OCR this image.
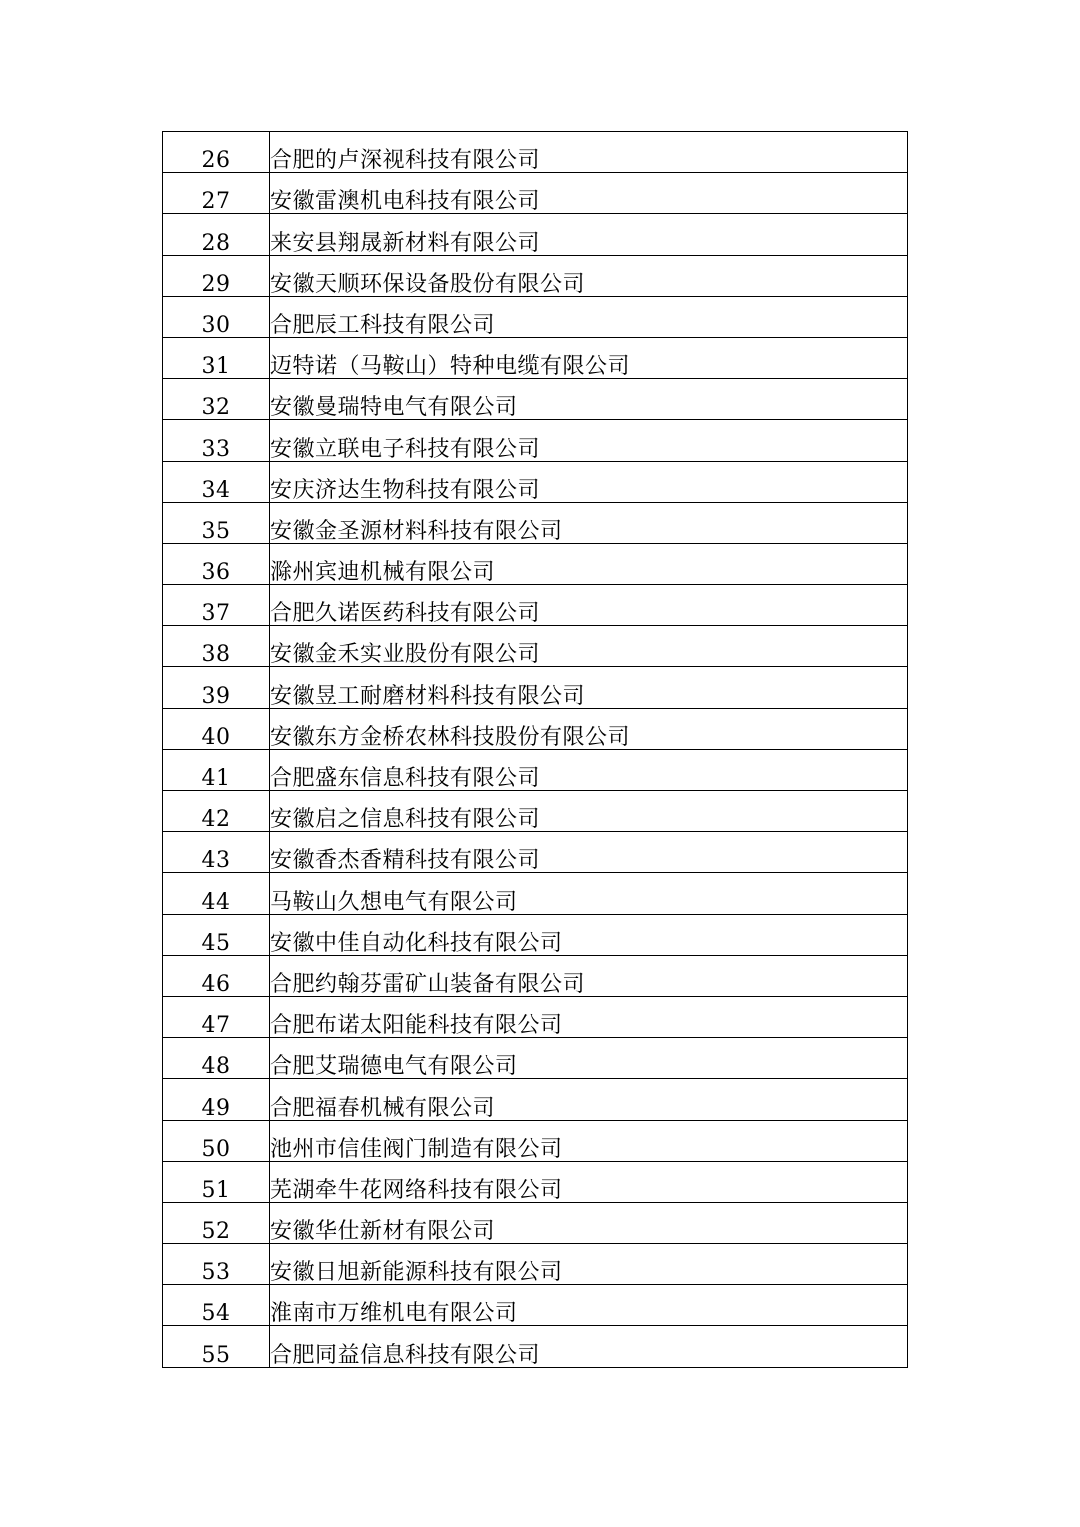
26	合肥的卢深视科技有限公司
27	安徽雷澳机电科技有限公司
28	来安县翔晟新材料有限公司
29	安徽天顺环保设备股份有限公司
30	合肥辰工科技有限公司
31	迈特诺（马鞍山）特种电缆有限公司
32	安徽曼瑞特电气有限公司
33	安徽立联电子科技有限公司
34	安庆济达生物科技有限公司
35	安徽金圣源材料科技有限公司
36	滁州宾迪机械有限公司
37	合肥久诺医药科技有限公司
38	安徽金禾实业股份有限公司
39	安徽昱工耐磨材料科技有限公司
40	安徽东方金桥农林科技股份有限公司
41	合肥盛东信息科技有限公司
42	安徽启之信息科技有限公司
43	安徽香杰香精科技有限公司
44	马鞍山久想电气有限公司
45	安徽中佳自动化科技有限公司
46	合肥约翰芬雷矿山装备有限公司
47	合肥布诺太阳能科技有限公司
48	合肥艾瑞德电气有限公司
49	合肥福春机械有限公司
50	池州市信佳阀门制造有限公司
51	芜湖牵牛花网络科技有限公司
52	安徽华仕新材有限公司
53	安徽日旭新能源科技有限公司
54	淮南市万维机电有限公司
55	合肥同益信息科技有限公司
